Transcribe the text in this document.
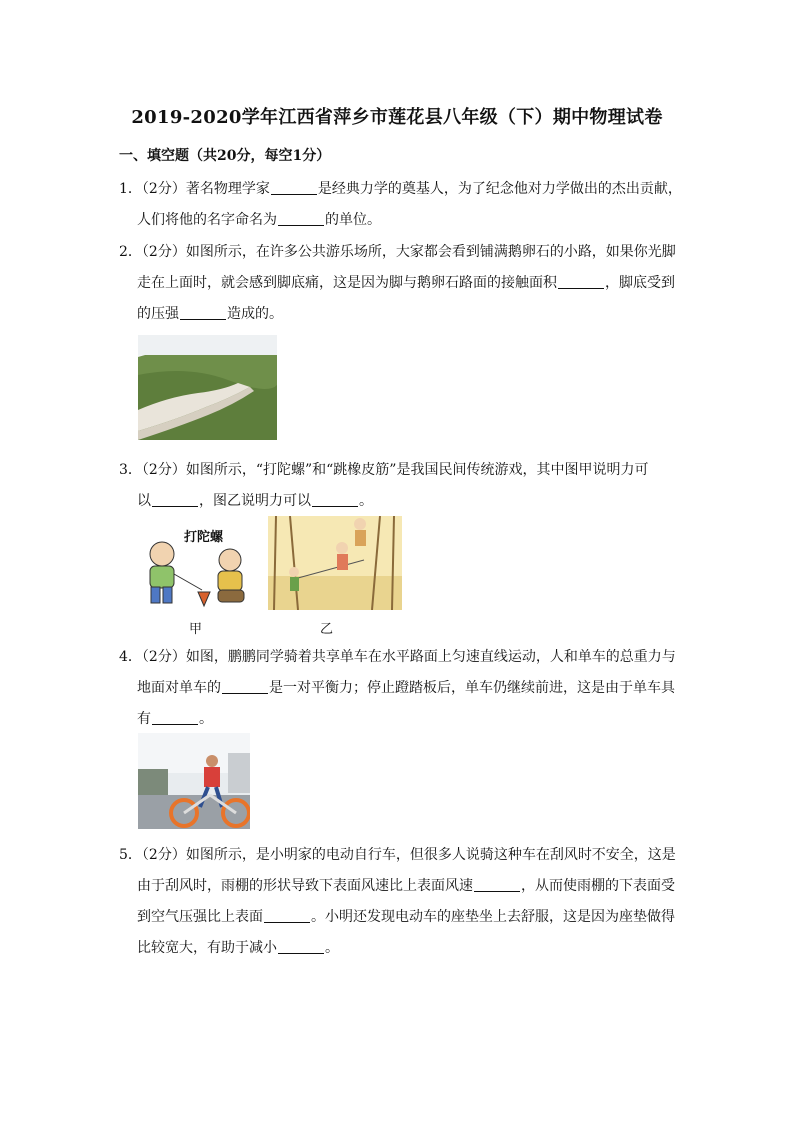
2019-2020学年江西省萍乡市莲花县八年级（下）期中物理试卷
一、填空题（共20分，每空1分）
1．（2分）著名物理学家	是经典力学的奠基人，为了纪念他对力学做出的杰出贡献，
人们将他的名字命名为	的单位。
2．（2分）如图所示，在许多公共游乐场所，大家都会看到铺满鹅卵石的小路，如果你光脚
走在上面时，就会感到脚底痛，这是因为脚与鹅卵石路面的接触面积	，脚底受到
的压强	造成的。
3．（2分）如图所示，“打陀螺”和“跳橡皮筋”是我国民间传统游戏，其中图甲说明力可
以	，图乙说明力可以	。
打陀螺
甲	乙
4．（2分）如图，鹏鹏同学骑着共享单车在水平路面上匀速直线运动，人和单车的总重力与
地面对单车的	是一对平衡力；停止蹬踏板后，单车仍继续前进，这是由于单车具
有	。
5．（2分）如图所示，是小明家的电动自行车，但很多人说骑这种车在刮风时不安全，这是
由于刮风时，雨棚的形状导致下表面风速比上表面风速	，从而使雨棚的下表面受
到空气压强比上表面	。小明还发现电动车的座垫坐上去舒服，这是因为座垫做得
比较宽大，有助于减小	。
